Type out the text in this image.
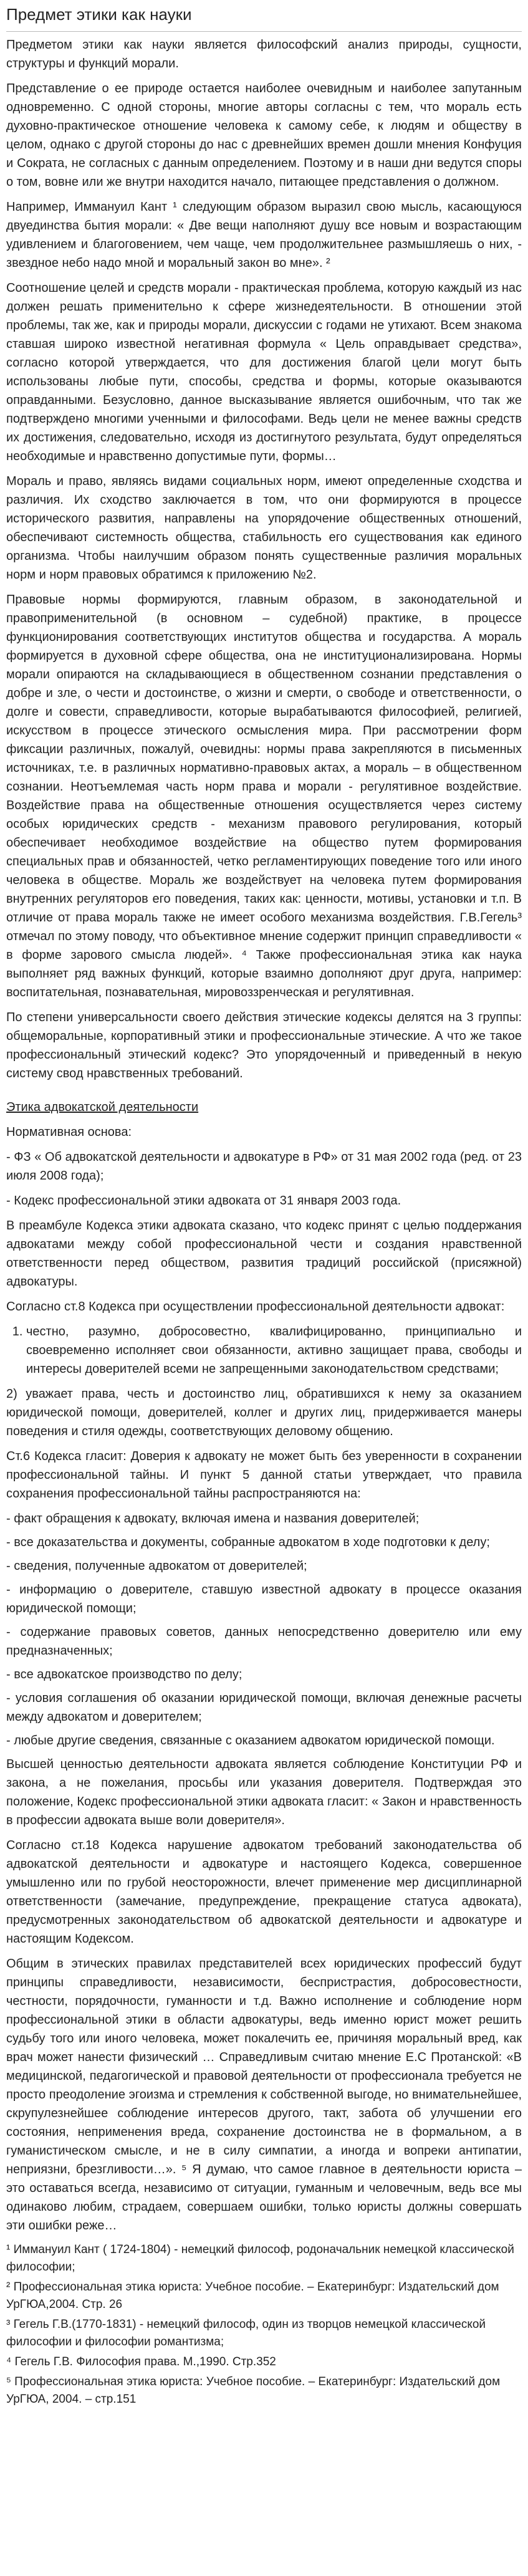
Предмет этики как науки

Предметом этики как науки является философский анализ природы, сущности, структуры и функций морали.

Представление о ее природе остается наиболее очевидным и наиболее запутанным одновременно. С одной стороны, многие авторы согласны с тем, что мораль есть духовно-практическое отношение человека к самому себе, к людям и обществу в целом, однако с другой стороны до нас с древнейших времен дошли мнения Конфуция и Сократа, не согласных с данным определением. Поэтому и в наши дни ведутся споры о том, вовне или же внутри находится начало, питающее представления о должном.

Например, Иммануил Кант ¹ следующим образом выразил свою мысль, касающуюся двуединства бытия морали: « Две вещи наполняют душу все новым и возрастающим удивлением и благоговением, чем чаще, чем продолжительнее размышляешь о них, - звездное небо надо мной и моральный закон во мне». ²

Соотношение целей и средств морали - практическая проблема, которую каждый из нас должен решать применительно к сфере жизнедеятельности. В отношении этой проблемы, так же, как и природы морали, дискуссии с годами не утихают. Всем знакома ставшая широко известной негативная формула « Цель оправдывает средства», согласно которой утверждается, что для достижения благой цели могут быть использованы любые пути, способы, средства и формы, которые оказываются оправданными. Безусловно, данное высказывание является ошибочным, что так же подтверждено многими ученными и философами. Ведь цели не менее важны средств их достижения, следовательно, исходя из достигнутого результата, будут определяться необходимые и нравственно допустимые пути, формы…

Мораль и право, являясь видами социальных норм, имеют определенные сходства и различия. Их сходство заключается в том, что они формируются в процессе исторического развития, направлены на упорядочение общественных отношений, обеспечивают системность общества, стабильность его существования как единого организма. Чтобы наилучшим образом понять существенные различия моральных норм и норм правовых обратимся к приложению №2.

Правовые нормы формируются, главным образом, в законодательной и правоприменительной (в основном – судебной) практике, в процессе функционирования соответствующих институтов общества и государства. А мораль формируется в духовной сфере общества, она не институционализирована. Нормы морали опираются на складывающиеся в общественном сознании представления о добре и зле, о чести и достоинстве, о жизни и смерти, о свободе и ответственности, о долге и совести, справедливости, которые вырабатываются философией, религией, искусством в процессе этического осмысления мира. При рассмотрении форм фиксации различных, пожалуй, очевидны: нормы права закрепляются в письменных источниках, т.е. в различных нормативно-правовых актах, а мораль – в общественном сознании. Неотъемлемая часть норм права и морали - регулятивное воздействие. Воздействие права на общественные отношения осуществляется через систему особых юридических средств - механизм правового регулирования, который обеспечивает необходимое воздействие на общество путем формирования специальных прав и обязанностей, четко регламентирующих поведение того или иного человека в обществе. Мораль же воздействует на человека путем формирования внутренних регуляторов его поведения, таких как: ценности, мотивы, установки и т.п. В отличие от права мораль также не имеет особого механизма воздействия. Г.В.Гегель³ отмечал по этому поводу, что объективное мнение содержит принцип справедливости « в форме зарового смысла людей». ⁴ Также профессиональная этика как наука выполняет ряд важных функций, которые взаимно дополняют друг друга, например: воспитательная, познавательная, мировоззренческая и регулятивная.

По степени универсальности своего действия этические кодексы делятся на 3 группы: общеморальные, корпоративный этики и профессиональные этические. А что же такое профессиональный этический кодекс? Это упорядоченный и приведенный в некую систему свод нравственных требований.

Этика адвокатской деятельности

Нормативная основа:

- ФЗ « Об адвокатской деятельности и адвокатуре в РФ» от 31 мая 2002 года (ред. от 23 июля 2008 года);

- Кодекс профессиональной этики адвоката от 31 января 2003 года.

В преамбуле Кодекса этики адвоката сказано, что кодекс принят с целью поддержания адвокатами между собой профессиональной чести и создания нравственной ответственности перед обществом, развития традиций российской (присяжной) адвокатуры.

Согласно ст.8 Кодекса при осуществлении профессиональной деятельности адвокат:

1. честно, разумно, добросовестно, квалифицированно, принципиально и своевременно исполняет свои обязанности, активно защищает права, свободы и интересы доверителей всеми не запрещенными законодательством средствами;

2) уважает права, честь и достоинство лиц, обратившихся к нему за оказанием юридической помощи, доверителей, коллег и других лиц, придерживается манеры поведения и стиля одежды, соответствующих деловому общению.

Ст.6 Кодекса гласит: Доверия к адвокату не может быть без уверенности в сохранении профессиональной тайны. И пункт 5 данной статьи утверждает, что правила сохранения профессиональной тайны распространяются на:

- факт обращения к адвокату, включая имена и названия доверителей;
- все доказательства и документы, собранные адвокатом в ходе подготовки к делу;
- сведения, полученные адвокатом от доверителей;
- информацию о доверителе, ставшую известной адвокату в процессе оказания юридической помощи;
- содержание правовых советов, данных непосредственно доверителю или ему предназначенных;
- все адвокатское производство по делу;
- условия соглашения об оказании юридической помощи, включая денежные расчеты между адвокатом и доверителем;
- любые другие сведения, связанные с оказанием адвокатом юридической помощи.

Высшей ценностью деятельности адвоката является соблюдение Конституции РФ и закона, а не пожелания, просьбы или указания доверителя. Подтверждая это положение, Кодекс профессиональной этики адвоката гласит: « Закон и нравственность в профессии адвоката выше воли доверителя».

Согласно ст.18 Кодекса нарушение адвокатом требований законодательства об адвокатской деятельности и адвокатуре и настоящего Кодекса, совершенное умышленно или по грубой неосторожности, влечет применение мер дисциплинарной ответственности (замечание, предупреждение, прекращение статуса адвоката), предусмотренных законодательством об адвокатской деятельности и адвокатуре и настоящим Кодексом.

Общим в этических правилах представителей всех юридических профессий будут принципы справедливости, независимости, беспристрастия, добросовестности, честности, порядочности, гуманности и т.д. Важно исполнение и соблюдение норм профессиональной этики в области адвокатуры, ведь именно юрист может решить судьбу того или иного человека, может покалечить ее, причиняя моральный вред, как врач может нанести физический … Справедливым считаю мнение Е.С Протанской: «В медицинской, педагогической и правовой деятельности от профессионала требуется не просто преодоление эгоизма и стремления к собственной выгоде, но внимательнейшее, скрупулезнейшее соблюдение интересов другого, такт, забота об улучшении его состояния, неприменения вреда, сохранение достоинства не в формальном, а в гуманистическом смысле, и не в силу симпатии, а иногда и вопреки антипатии, неприязни, брезгливости…». ⁵ Я думаю, что самое главное в деятельности юриста – это оставаться всегда, независимо от ситуации, гуманным и человечным, ведь все мы одинаково любим, страдаем, совершаем ошибки, только юристы должны совершать эти ошибки реже…

¹ Иммануил Кант ( 1724-1804) - немецкий философ, родоначальник немецкой классической философии;
² Профессиональная этика юриста: Учебное пособие. – Екатеринбург: Издательский дом УрГЮА,2004. Стр. 26
³ Гегель Г.В.(1770-1831) - немецкий философ, один из творцов немецкой классической философии и философии романтизма;
⁴ Гегель Г.В. Философия права. М.,1990. Стр.352
⁵ Профессиональная этика юриста: Учебное пособие. – Екатеринбург: Издательский дом УрГЮА, 2004. – стр.151
